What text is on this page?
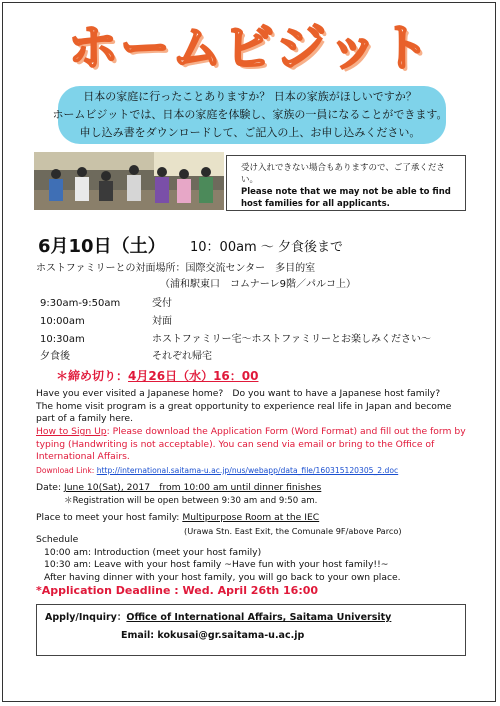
ホームビジット
日本の家庭に行ったことありますか？ 日本の家族がほしいですか？
ホームビジットでは、日本の家庭を体験し、家族の一員になることができます。
申し込み書をダウンロードして、ご記入の上、お申し込みください。
受け入れできない場合もありますので、ご了承ください。
Please note that we may not be able to find host families for all applicants.
6月10日（土） 10：00am ～ 夕食後まで
ホストファミリーとの対面場所：国際交流センター　多目的室
（浦和駅東口　コムナーレ9階／パルコ上）
9:30am-9:50am	受付
10:00am	対面
10:30am	ホストファミリー宅～ホストファミリーとお楽しみください～
夕食後	それぞれ帰宅
＊締め切り：4月26日（水）16：00
Have you ever visited a Japanese home?　Do you want to have a Japanese host family?
The home visit program is a great opportunity to experience real life in Japan and become part of a family here.
How to Sign Up: Please download the Application Form (Word Format) and fill out the form by typing (Handwriting is not acceptable). You can send via email or bring to the Office of International Affairs.
Download Link: http://international.saitama-u.ac.jp/nus/webapp/data_file/160315120305_2.doc
Date: June 10(Sat), 2017　from 10:00 am until dinner finishes
＊Registration will be open between 9:30 am and 9:50 am.
Place to meet your host family: Multipurpose Room at the IEC
(Urawa Stn. East Exit, the Comunale 9F/above Parco)
Schedule
10:00 am: Introduction (meet your host family)
10:30 am: Leave with your host family ~Have fun with your host family!!~
After having dinner with your host family, you will go back to your own place.
*Application Deadline : Wed. April 26th 16:00
Apply/Inquiry：Office of International Affairs, Saitama University
Email: kokusai@gr.saitama-u.ac.jp
